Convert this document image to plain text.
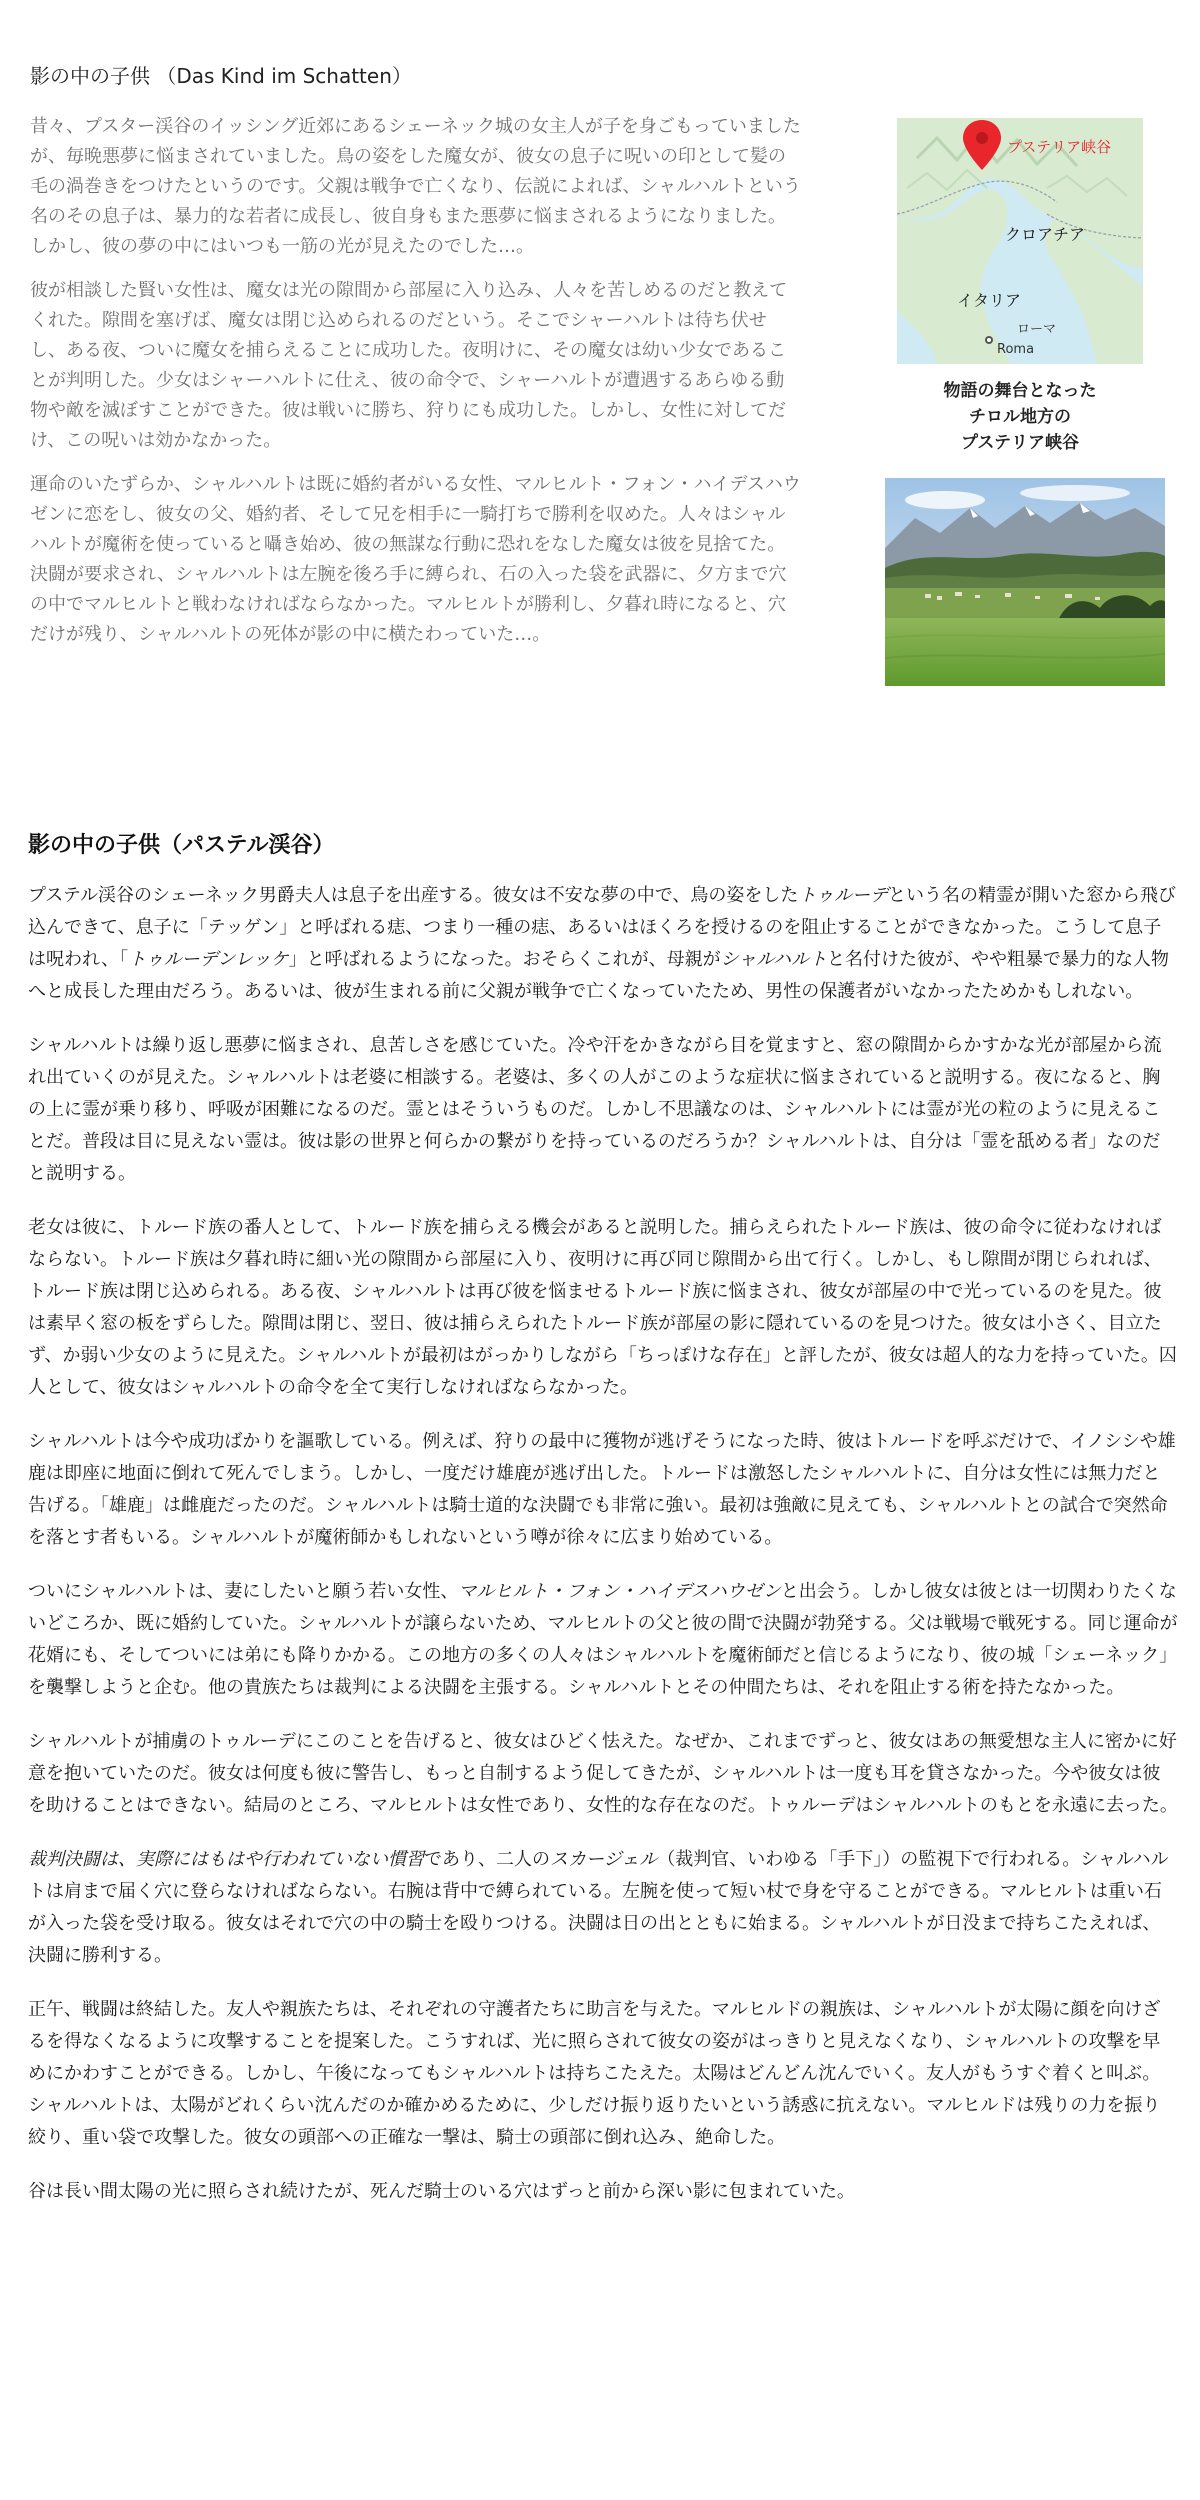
影の中の子供 （Das Kind im Schatten）

昔々、プスター渓谷のイッシング近郊にあるシェーネック城の女主人が子を身ごもっていましたが、毎晩悪夢に悩まされていました。鳥の姿をした魔女が、彼女の息子に呪いの印として髪の毛の渦巻きをつけたというのです。父親は戦争で亡くなり、伝説によれば、シャルハルトという名のその息子は、暴力的な若者に成長し、彼自身もまた悪夢に悩まされるようになりました。しかし、彼の夢の中にはいつも一筋の光が見えたのでした…。

彼が相談した賢い女性は、魔女は光の隙間から部屋に入り込み、人々を苦しめるのだと教えてくれた。隙間を塞げば、魔女は閉じ込められるのだという。そこでシャーハルトは待ち伏せし、ある夜、ついに魔女を捕らえることに成功した。夜明けに、その魔女は幼い少女であることが判明した。少女はシャーハルトに仕え、彼の命令で、シャーハルトが遭遇するあらゆる動物や敵を滅ぼすことができた。彼は戦いに勝ち、狩りにも成功した。しかし、女性に対してだけ、この呪いは効かなかった。

運命のいたずらか、シャルハルトは既に婚約者がいる女性、マルヒルト・フォン・ハイデスハウゼンに恋をし、彼女の父、婚約者、そして兄を相手に一騎打ちで勝利を収めた。人々はシャルハルトが魔術を使っていると囁き始め、彼の無謀な行動に恐れをなした魔女は彼を見捨てた。決闘が要求され、シャルハルトは左腕を後ろ手に縛られ、石の入った袋を武器に、夕方まで穴の中でマルヒルトと戦わなければならなかった。マルヒルトが勝利し、夕暮れ時になると、穴だけが残り、シャルハルトの死体が影の中に横たわっていた…。

プステリア峡谷
クロアチア
イタリア
ローマ
Roma
物語の舞台となった
チロル地方の
プステリア峡谷
影の中の子供（パステル渓谷）

プステル渓谷のシェーネック男爵夫人は息子を出産する。彼女は不安な夢の中で、鳥の姿をしたトゥルーデという名の精霊が開いた窓から飛び込んできて、息子に「テッゲン」と呼ばれる痣、つまり一種の痣、あるいはほくろを授けるのを阻止することができなかった。こうして息子は呪われ、「トゥルーデンレッケ」と呼ばれるようになった。おそらくこれが、母親がシャルハルトと名付けた彼が、やや粗暴で暴力的な人物へと成長した理由だろう。あるいは、彼が生まれる前に父親が戦争で亡くなっていたため、男性の保護者がいなかったためかもしれない。

シャルハルトは繰り返し悪夢に悩まされ、息苦しさを感じていた。冷や汗をかきながら目を覚ますと、窓の隙間からかすかな光が部屋から流れ出ていくのが見えた。シャルハルトは老婆に相談する。老婆は、多くの人がこのような症状に悩まされていると説明する。夜になると、胸の上に霊が乗り移り、呼吸が困難になるのだ。霊とはそういうものだ。しかし不思議なのは、シャルハルトには霊が光の粒のように見えることだ。普段は目に見えない霊は。彼は影の世界と何らかの繋がりを持っているのだろうか？シャルハルトは、自分は「霊を舐める者」なのだと説明する。

老女は彼に、トルード族の番人として、トルード族を捕らえる機会があると説明した。捕らえられたトルード族は、彼の命令に従わなければならない。トルード族は夕暮れ時に細い光の隙間から部屋に入り、夜明けに再び同じ隙間から出て行く。しかし、もし隙間が閉じられれば、トルード族は閉じ込められる。ある夜、シャルハルトは再び彼を悩ませるトルード族に悩まされ、彼女が部屋の中で光っているのを見た。彼は素早く窓の板をずらした。隙間は閉じ、翌日、彼は捕らえられたトルード族が部屋の影に隠れているのを見つけた。彼女は小さく、目立たず、か弱い少女のように見えた。シャルハルトが最初はがっかりしながら「ちっぽけな存在」と評したが、彼女は超人的な力を持っていた。囚人として、彼女はシャルハルトの命令を全て実行しなければならなかった。

シャルハルトは今や成功ばかりを謳歌している。例えば、狩りの最中に獲物が逃げそうになった時、彼はトルードを呼ぶだけで、イノシシや雄鹿は即座に地面に倒れて死んでしまう。しかし、一度だけ雄鹿が逃げ出した。トルードは激怒したシャルハルトに、自分は女性には無力だと告げる。「雄鹿」は雌鹿だったのだ。シャルハルトは騎士道的な決闘でも非常に強い。最初は強敵に見えても、シャルハルトとの試合で突然命を落とす者もいる。シャルハルトが魔術師かもしれないという噂が徐々に広まり始めている。

ついにシャルハルトは、妻にしたいと願う若い女性、マルヒルト・フォン・ハイデスハウゼンと出会う。しかし彼女は彼とは一切関わりたくないどころか、既に婚約していた。シャルハルトが譲らないため、マルヒルトの父と彼の間で決闘が勃発する。父は戦場で戦死する。同じ運命が花婿にも、そしてついには弟にも降りかかる。この地方の多くの人々はシャルハルトを魔術師だと信じるようになり、彼の城「シェーネック」を襲撃しようと企む。他の貴族たちは裁判による決闘を主張する。シャルハルトとその仲間たちは、それを阻止する術を持たなかった。

シャルハルトが捕虜のトゥルーデにこのことを告げると、彼女はひどく怯えた。なぜか、これまでずっと、彼女はあの無愛想な主人に密かに好意を抱いていたのだ。彼女は何度も彼に警告し、もっと自制するよう促してきたが、シャルハルトは一度も耳を貸さなかった。今や彼女は彼を助けることはできない。結局のところ、マルヒルトは女性であり、女性的な存在なのだ。トゥルーデはシャルハルトのもとを永遠に去った。

裁判決闘は、実際にはもはや行われていない慣習であり、二人のスカージェル（裁判官、いわゆる「手下」）の監視下で行われる。シャルハルトは肩まで届く穴に登らなければならない。右腕は背中で縛られている。左腕を使って短い杖で身を守ることができる。マルヒルトは重い石が入った袋を受け取る。彼女はそれで穴の中の騎士を殴りつける。決闘は日の出とともに始まる。シャルハルトが日没まで持ちこたえれば、決闘に勝利する。

正午、戦闘は終結した。友人や親族たちは、それぞれの守護者たちに助言を与えた。マルヒルドの親族は、シャルハルトが太陽に顔を向けざるを得なくなるように攻撃することを提案した。こうすれば、光に照らされて彼女の姿がはっきりと見えなくなり、シャルハルトの攻撃を早めにかわすことができる。しかし、午後になってもシャルハルトは持ちこたえた。太陽はどんどん沈んでいく。友人がもうすぐ着くと叫ぶ。シャルハルトは、太陽がどれくらい沈んだのか確かめるために、少しだけ振り返りたいという誘惑に抗えない。マルヒルドは残りの力を振り絞り、重い袋で攻撃した。彼女の頭部への正確な一撃は、騎士の頭部に倒れ込み、絶命した。

谷は長い間太陽の光に照らされ続けたが、死んだ騎士のいる穴はずっと前から深い影に包まれていた。
